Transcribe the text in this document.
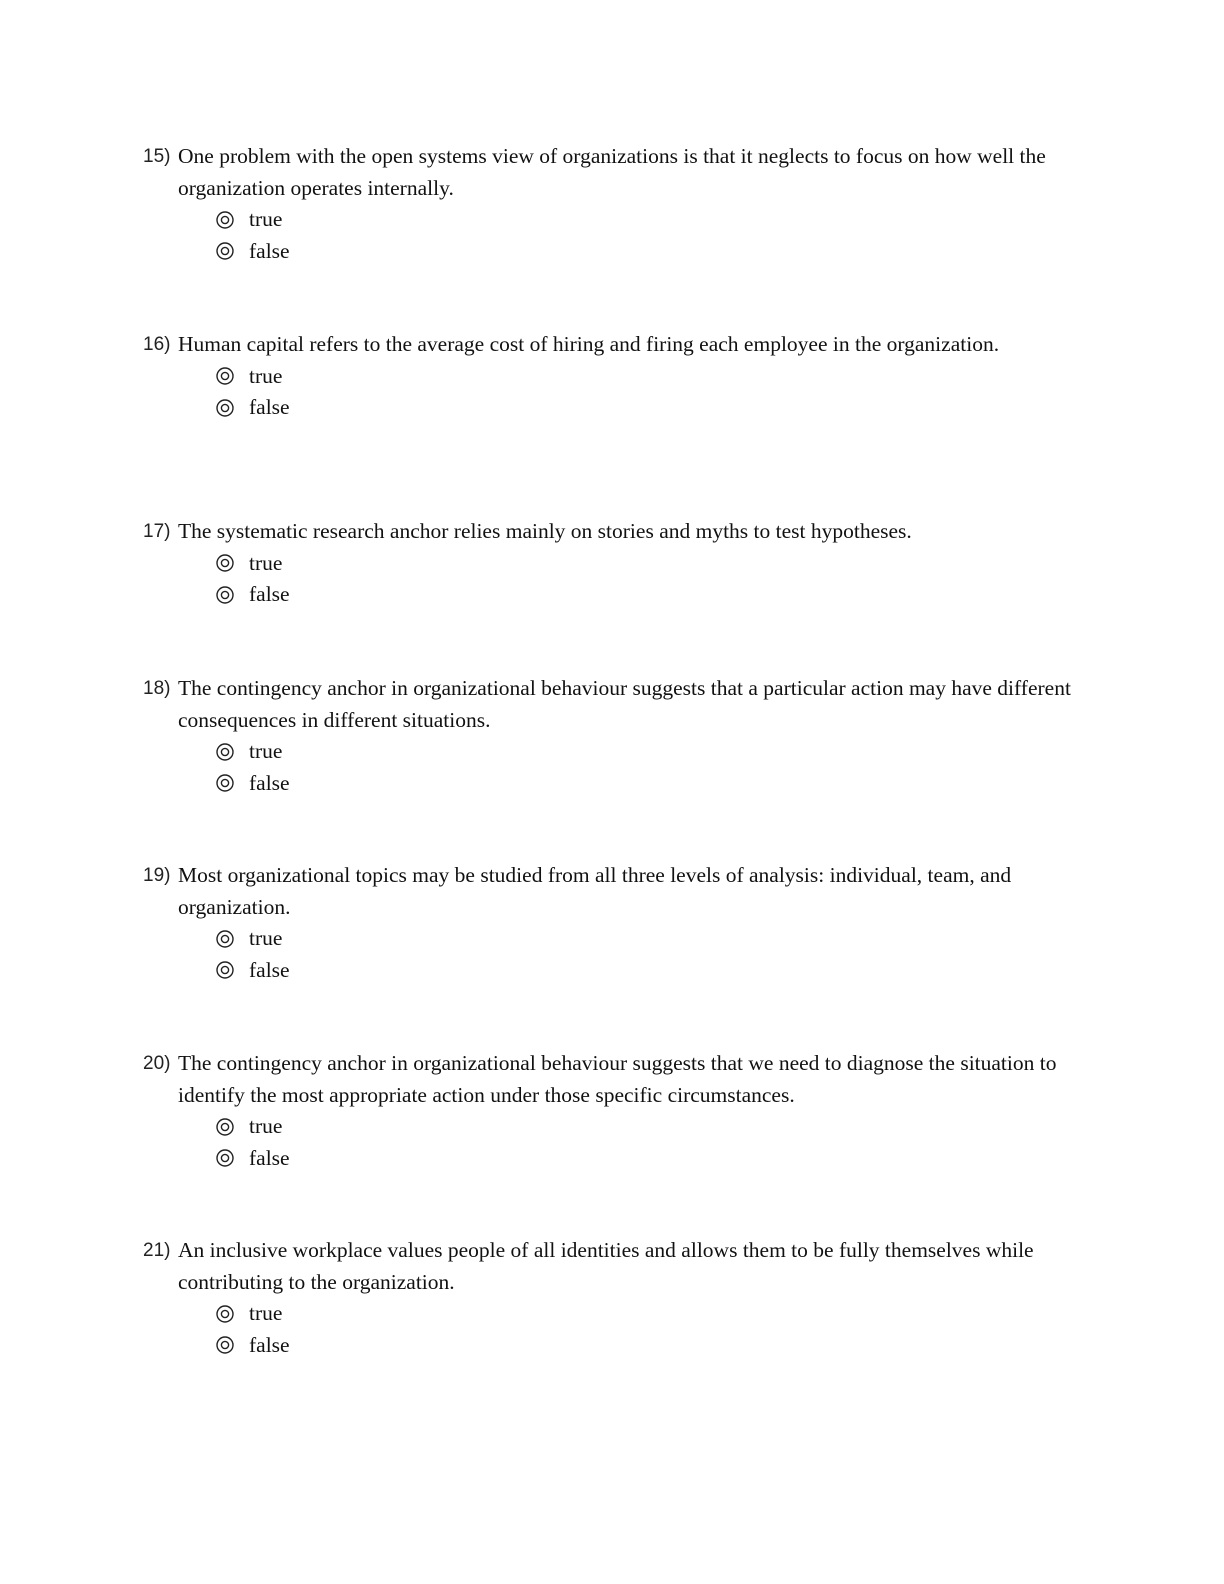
15) One problem with the open systems view of organizations is that it neglects to focus on how well the organization operates internally.
true
false
16) Human capital refers to the average cost of hiring and firing each employee in the organization.
true
false
17) The systematic research anchor relies mainly on stories and myths to test hypotheses.
true
false
18) The contingency anchor in organizational behaviour suggests that a particular action may have different consequences in different situations.
true
false
19) Most organizational topics may be studied from all three levels of analysis: individual, team, and organization.
true
false
20) The contingency anchor in organizational behaviour suggests that we need to diagnose the situation to identify the most appropriate action under those specific circumstances.
true
false
21) An inclusive workplace values people of all identities and allows them to be fully themselves while contributing to the organization.
true
false
